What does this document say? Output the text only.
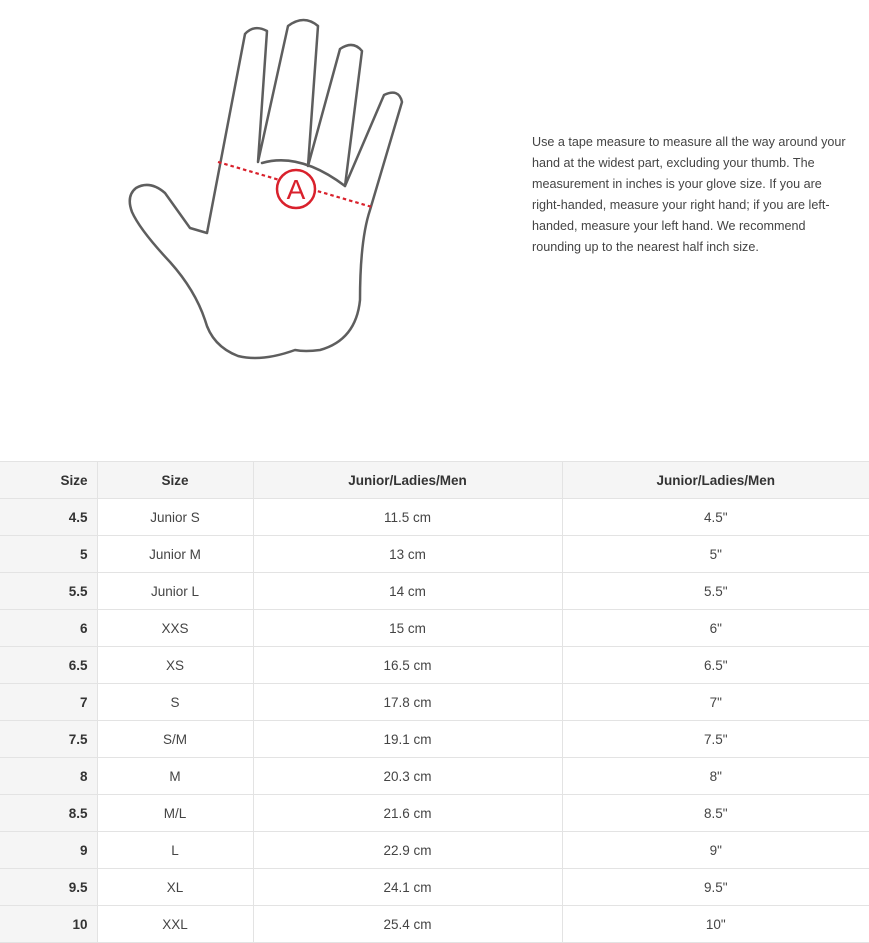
A

Use a tape measure to measure all the way around your hand at the widest part, excluding your thumb. The measurement in inches is your glove size. If you are right-handed, measure your right hand; if you are left-handed, measure your left hand. We recommend rounding up to the nearest half inch size.

Size	Size	Junior/Ladies/Men	Junior/Ladies/Men
4.5	Junior S	11.5 cm	4.5"
5	Junior M	13 cm	5"
5.5	Junior L	14 cm	5.5"
6	XXS	15 cm	6"
6.5	XS	16.5 cm	6.5"
7	S	17.8 cm	7"
7.5	S/M	19.1 cm	7.5"
8	M	20.3 cm	8"
8.5	M/L	21.6 cm	8.5"
9	L	22.9 cm	9"
9.5	XL	24.1 cm	9.5"
10	XXL	25.4 cm	10"
